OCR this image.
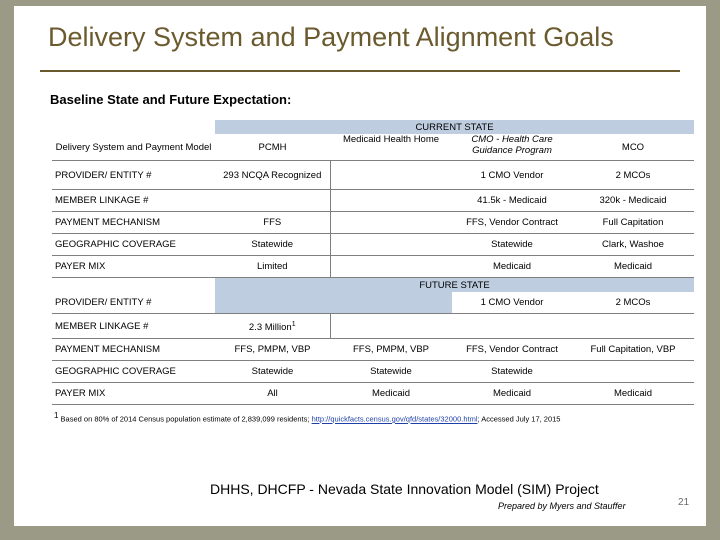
Delivery System and Payment Alignment Goals
Baseline State and Future Expectation:
	CURRENT STATE			
Delivery System and Payment Model	PCMH	Medicaid Health Home	CMO - Health Care Guidance Program	MCO
PROVIDER/ ENTITY #	293 NCQA Recognized		1 CMO Vendor	2 MCOs
MEMBER LINKAGE #			41.5k - Medicaid	320k - Medicaid
PAYMENT MECHANISM	FFS		FFS, Vendor Contract	Full Capitation
GEOGRAPHIC COVERAGE	Statewide		Statewide	Clark, Washoe
PAYER MIX	Limited		Medicaid	Medicaid
	FUTURE STATE			
PROVIDER/ ENTITY #			1 CMO Vendor	2 MCOs
MEMBER LINKAGE #	2.3 Million$^1$			
PAYMENT MECHANISM	FFS, PMPM, VBP	FFS, PMPM, VBP	FFS, Vendor Contract	Full Capitation, VBP
GEOGRAPHIC COVERAGE	Statewide	Statewide	Statewide	
PAYER MIX	All	Medicaid	Medicaid	Medicaid
$^1$ Based on 80% of 2014 Census population estimate of 2,839,099 residents; http://quickfacts.census.gov/qfd/states/32000.html; Accessed July 17, 2015
DHHS, DHCFP - Nevada State Innovation Model (SIM) Project
Prepared by Myers and Stauffer	21
